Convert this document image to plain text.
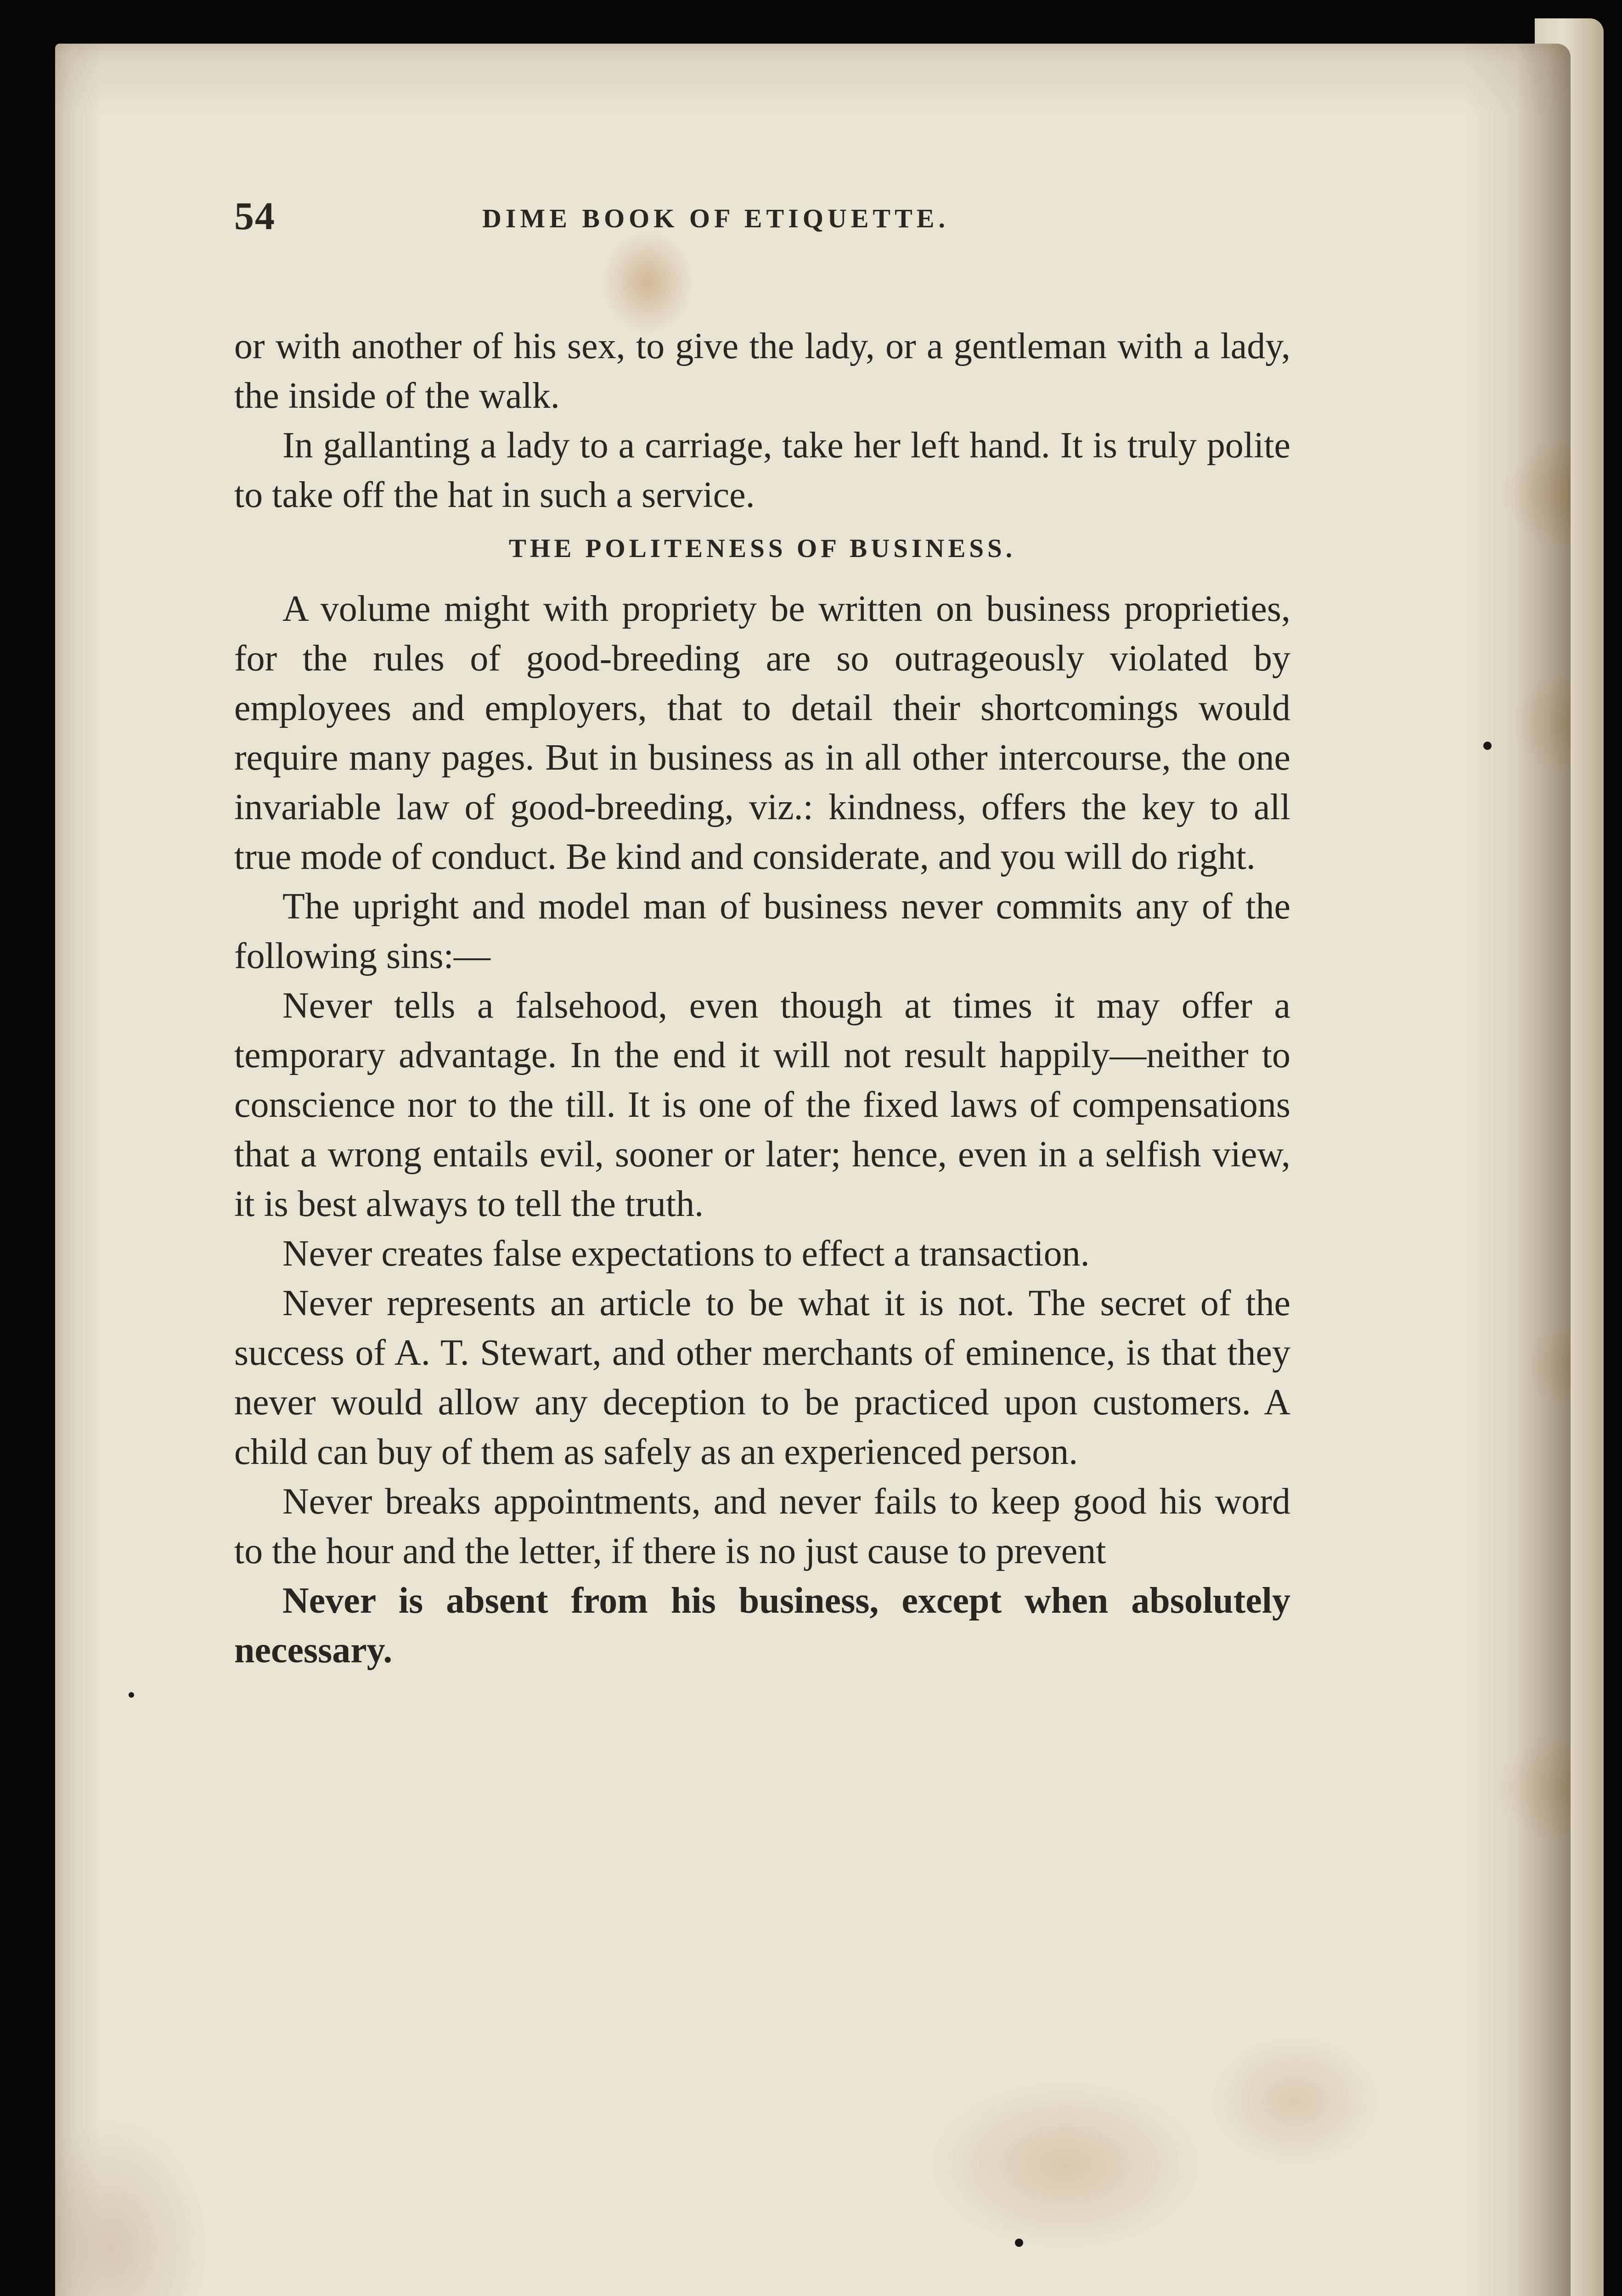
54	DIME BOOK OF ETIQUETTE.

or with another of his sex, to give the lady, or a gentleman with a lady, the inside of the walk.

In gallanting a lady to a carriage, take her left hand. It is truly polite to take off the hat in such a service.

THE POLITENESS OF BUSINESS.

A volume might with propriety be written on business proprieties, for the rules of good-breeding are so outrageously violated by employees and employers, that to detail their shortcomings would require many pages. But in business as in all other intercourse, the one invariable law of good-breeding, viz.: kindness, offers the key to all true mode of conduct. Be kind and considerate, and you will do right.

The upright and model man of business never commits any of the following sins:—

Never tells a falsehood, even though at times it may offer a temporary advantage. In the end it will not result happily—neither to conscience nor to the till. It is one of the fixed laws of compensations that a wrong entails evil, sooner or later; hence, even in a selfish view, it is best always to tell the truth.

Never creates false expectations to effect a transaction.

Never represents an article to be what it is not. The secret of the success of A. T. Stewart, and other merchants of eminence, is that they never would allow any deception to be practiced upon customers. A child can buy of them as safely as an experienced person.

Never breaks appointments, and never fails to keep good his word to the hour and the letter, if there is no just cause to prevent

Never is absent from his business, except when absolutely necessary.
